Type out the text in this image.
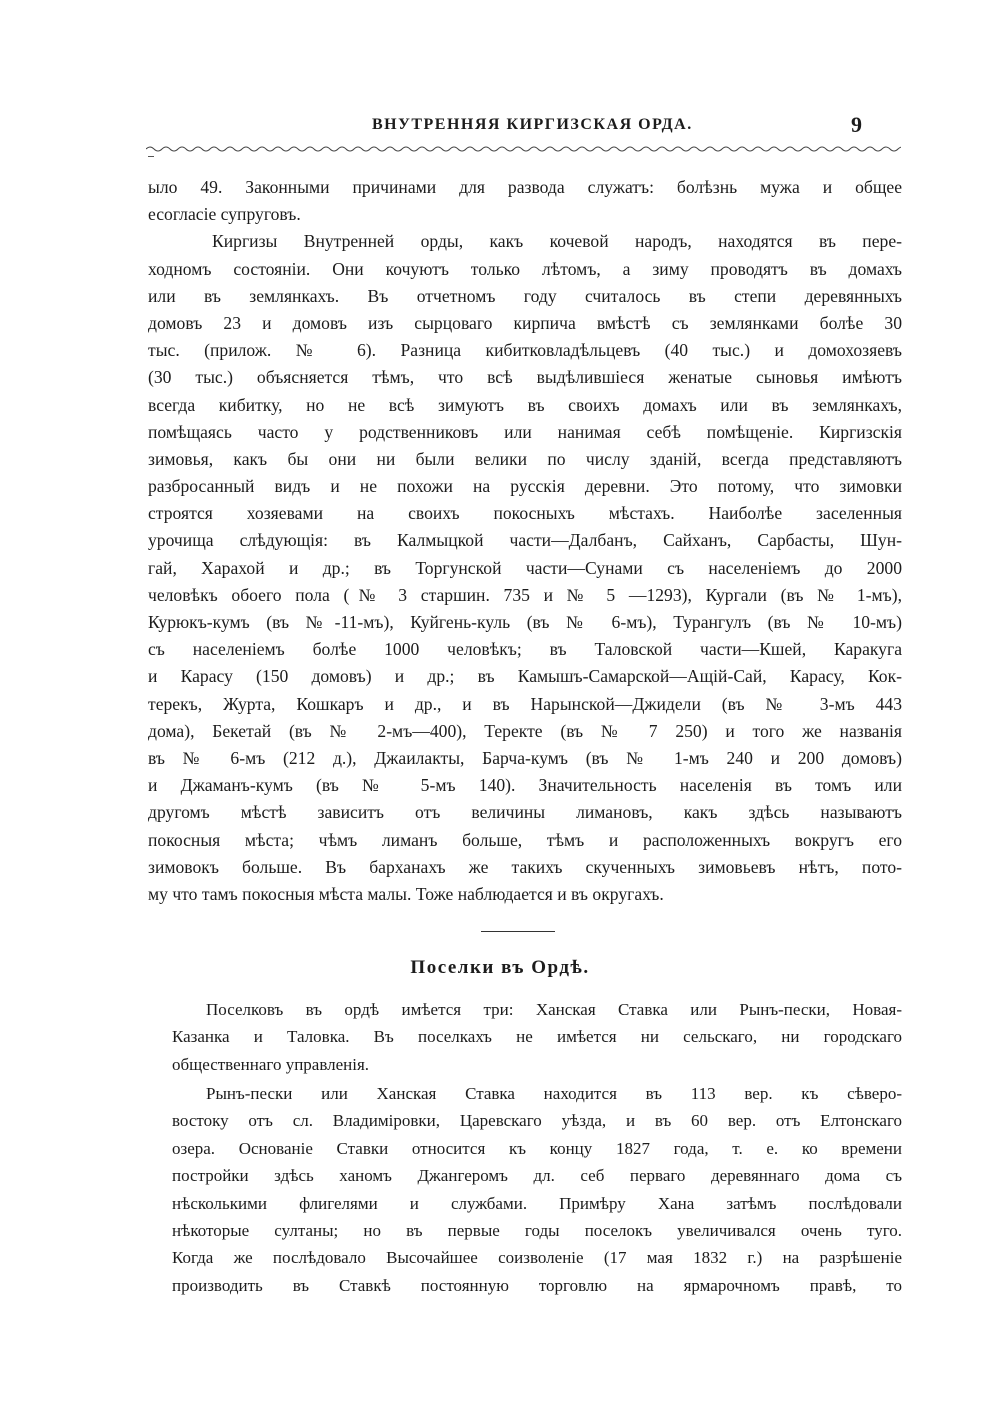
ВНУТРЕННЯЯ КИРГИЗСКАЯ ОРДА.	9
ыло 49. Законными причинами для развода служатъ: болѣзнь мужа и общее
есогласіе супруговъ.
Киргизы Внутренней орды, какъ кочевой народъ, находятся въ пере-
ходномъ состояніи. Они кочуютъ только лѣтомъ, а зиму проводятъ въ домахъ
или въ землянкахъ. Въ отчетномъ году считалось въ степи деревянныхъ
домовъ 23 и домовъ изъ сырцоваго кирпича вмѣстѣ съ землянками болѣе 30
тыс. (прилож. № 6). Разница кибитковладѣльцевъ (40 тыс.) и домохозяевъ
(30 тыс.) объясняется тѣмъ, что всѣ выдѣлившіеся женатые сыновья имѣютъ
всегда кибитку, но не всѣ зимуютъ въ своихъ домахъ или въ землянкахъ,
помѣщаясь часто у родственниковъ или нанимая себѣ помѣщеніе. Киргизскія
зимовья, какъ бы они ни были велики по числу зданій, всегда представляютъ
разбросанный видъ и не похожи на русскія деревни. Это потому, что зимовки
строятся хозяевами на своихъ покосныхъ мѣстахъ. Наиболѣе заселенныя
урочища слѣдующія: въ Калмыцкой части—Далбанъ, Сайханъ, Сарбасты, Шун-
гай, Харахой и др.; въ Торгунской части—Сунами съ населеніемъ до 2000
человѣкъ обоего пола (№ 3 старшин. 735 и № 5 —1293), Кургали (въ № 1-мъ),
Курюкъ-кумъ (въ №-11-мъ), Куйгень-куль (въ № 6-мъ), Турангулъ (въ № 10-мъ)
съ населеніемъ болѣе 1000 человѣкъ; въ Таловской части—Кшей, Каракуга
и Карасу (150 домовъ) и др.; въ Камышъ-Самарской—Ащій-Сай, Карасу, Кок-
терекъ, Журта, Кошкаръ и др., и въ Нарынской—Джидели (въ № 3-мъ 443
дома), Бекетай (въ № 2-мъ—400), Теректе (въ № 7 250) и того же названія
въ № 6-мъ (212 д.), Джаилакты, Барча-кумъ (въ № 1-мъ 240 и 200 домовъ)
и Джаманъ-кумъ (въ № 5-мъ 140). Значительность населенія въ томъ или
другомъ мѣстѣ зависитъ отъ величины лимановъ, какъ здѣсь называютъ
покосныя мѣста; чѣмъ лиманъ больше, тѣмъ и расположенныхъ вокругъ его
зимовокъ больше. Въ барханахъ же такихъ скученныхъ зимовьевъ нѣтъ, пото-
му что тамъ покосныя мѣста малы. Тоже наблюдается и въ округахъ.
Поселки въ Ордѣ.
Поселковъ въ ордѣ имѣется три: Ханская Ставка или Рынъ-пески, Новая-
Казанка и Таловка. Въ поселкахъ не имѣется ни сельскаго, ни городскаго
общественнаго управленія.
Рынъ-пески или Ханская Ставка находится въ 113 вер. къ сѣверо-
востоку отъ сл. Владиміровки, Царевскаго уѣзда, и въ 60 вер. отъ Елтонскаго
озера. Основаніе Ставки относится къ концу 1827 года, т. е. ко времени
постройки здѣсь ханомъ Джангеромъ дл. себ перваго деревяннаго дома съ
нѣсколькими флигелями и службами. Примѣру Хана затѣмъ послѣдовали
нѣкоторые султаны; но въ первые годы поселокъ увеличивался очень туго.
Когда же послѣдовало Высочайшее соизволеніе (17 мая 1832 г.) на разрѣшеніе
производить въ Ставкѣ постоянную торговлю на ярмарочномъ правѣ, то
